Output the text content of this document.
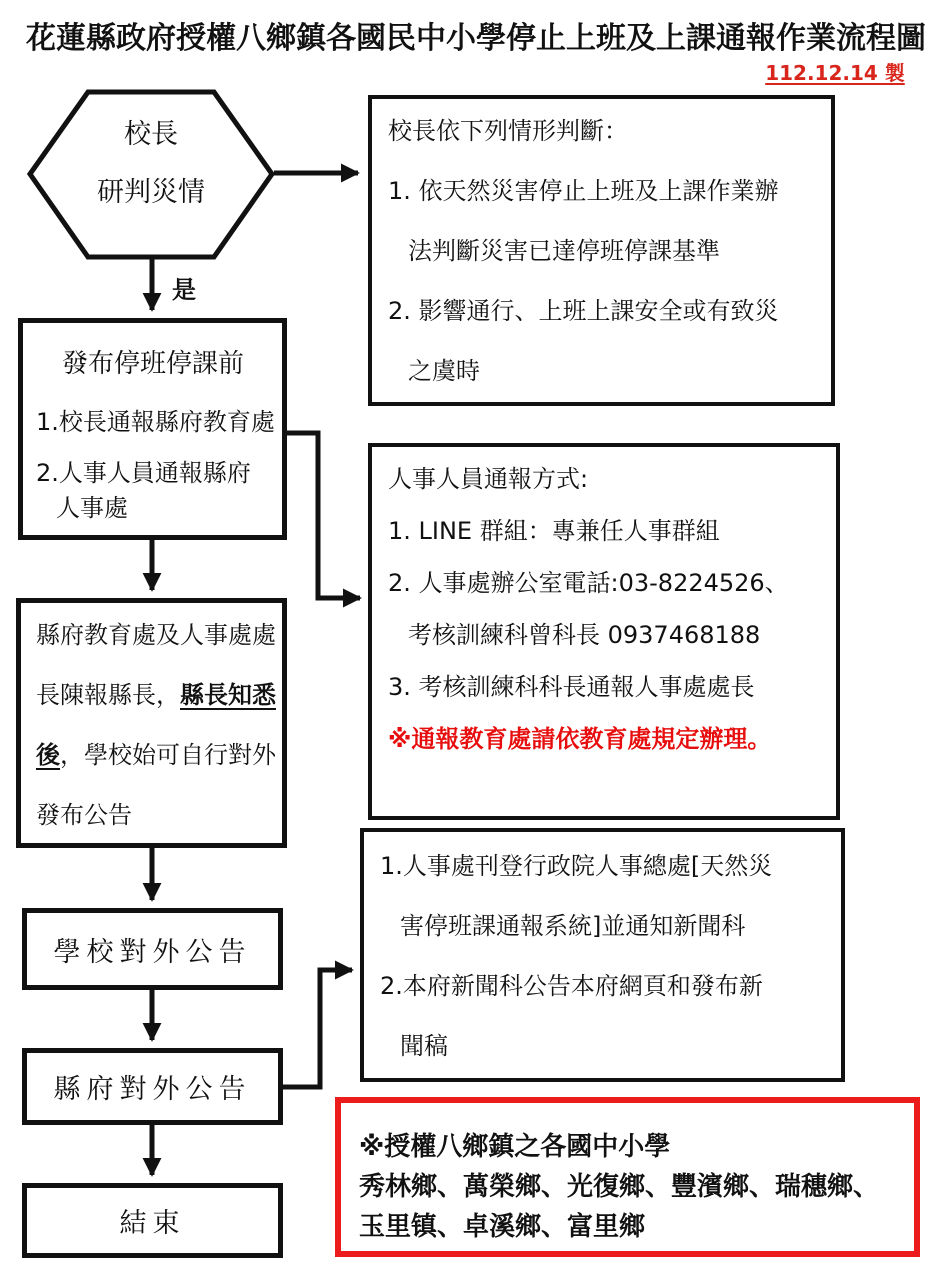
花蓮縣政府授權八鄉鎮各國民中小學停止上班及上課通報作業流程圖
112.12.14 製
校長
研判災情
是
校長依下列情形判斷：
1. 依天然災害停止上班及上課作業辦
法判斷災害已達停班停課基準
2. 影響通行、上班上課安全或有致災
之虞時
發布停班停課前
1.校長通報縣府教育處
2.人事人員通報縣府
人事處
人事人員通報方式:
1. LINE 群組：專兼任人事群組
2. 人事處辦公室電話:03-8224526、
考核訓練科曾科長 0937468188
3. 考核訓練科科長通報人事處處長
※通報教育處請依教育處規定辦理。
縣府教育處及人事處處
長陳報縣長，縣長知悉
後，學校始可自行對外
發布公告
1.人事處刊登行政院人事總處[天然災
害停班課通報系統]並通知新聞科
2.本府新聞科公告本府網頁和發布新
聞稿
學校對外公告
縣府對外公告
結束
※授權八鄉鎮之各國中小學
秀林鄉、萬榮鄉、光復鄉、豐濱鄉、瑞穗鄉、
玉里镇、卓溪鄉、富里鄉
